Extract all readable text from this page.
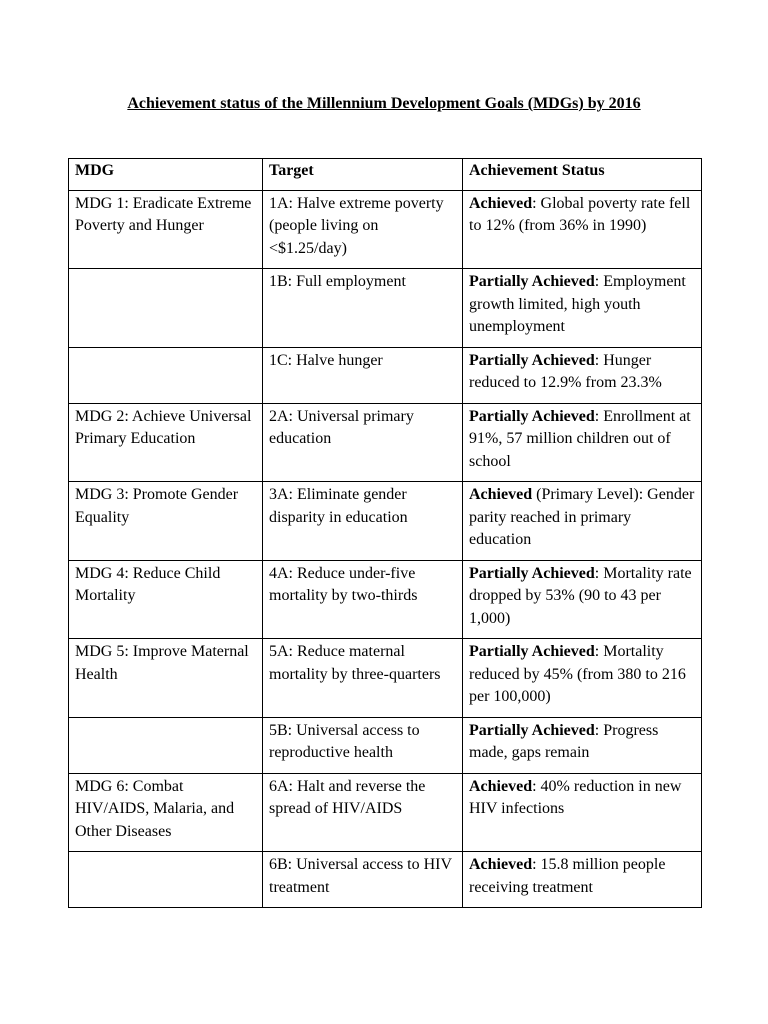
Achievement status of the Millennium Development Goals (MDGs) by 2016
MDG	Target	Achievement Status
MDG 1: Eradicate Extreme Poverty and Hunger	1A: Halve extreme poverty (people living on <$1.25/day)	Achieved: Global poverty rate fell to 12% (from 36% in 1990)
	1B: Full employment	Partially Achieved: Employment growth limited, high youth unemployment
	1C: Halve hunger	Partially Achieved: Hunger reduced to 12.9% from 23.3%
MDG 2: Achieve Universal Primary Education	2A: Universal primary education	Partially Achieved: Enrollment at 91%, 57 million children out of school
MDG 3: Promote Gender Equality	3A: Eliminate gender disparity in education	Achieved (Primary Level): Gender parity reached in primary education
MDG 4: Reduce Child Mortality	4A: Reduce under-five mortality by two-thirds	Partially Achieved: Mortality rate dropped by 53% (90 to 43 per 1,000)
MDG 5: Improve Maternal Health	5A: Reduce maternal mortality by three-quarters	Partially Achieved: Mortality reduced by 45% (from 380 to 216 per 100,000)
	5B: Universal access to reproductive health	Partially Achieved: Progress made, gaps remain
MDG 6: Combat HIV/AIDS, Malaria, and Other Diseases	6A: Halt and reverse the spread of HIV/AIDS	Achieved: 40% reduction in new HIV infections
	6B: Universal access to HIV treatment	Achieved: 15.8 million people receiving treatment
